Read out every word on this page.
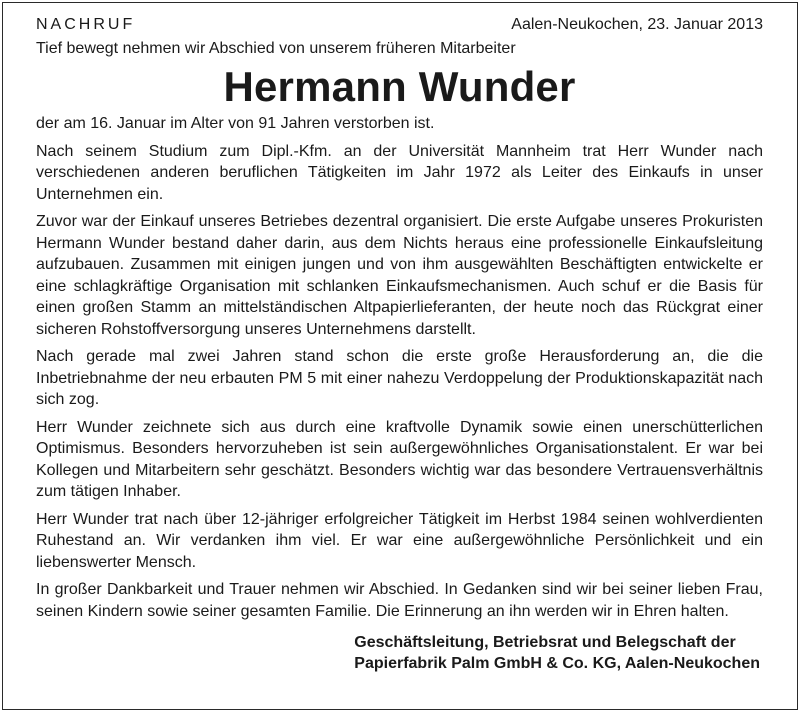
NACHRUF	Aalen-Neukochen, 23. Januar 2013
Tief bewegt nehmen wir Abschied von unserem früheren Mitarbeiter
Hermann Wunder

der am 16. Januar im Alter von 91 Jahren verstorben ist.

Nach seinem Studium zum Dipl.-Kfm. an der Universität Mannheim trat Herr Wunder nach verschiedenen anderen beruflichen Tätigkeiten im Jahr 1972 als Leiter des Einkaufs in unser Unternehmen ein.

Zuvor war der Einkauf unseres Betriebes dezentral organisiert. Die erste Aufgabe unseres Prokuristen Hermann Wunder bestand daher darin, aus dem Nichts heraus eine professionelle Einkaufsleitung aufzubauen. Zusammen mit einigen jungen und von ihm ausgewählten Beschäftigten entwickelte er eine schlagkräftige Organisation mit schlanken Einkaufsmechanismen. Auch schuf er die Basis für einen großen Stamm an mittelständischen Altpapierlieferanten, der heute noch das Rückgrat einer sicheren Rohstoffversorgung unseres Unternehmens darstellt.

Nach gerade mal zwei Jahren stand schon die erste große Herausforderung an, die die Inbetriebnahme der neu erbauten PM 5 mit einer nahezu Verdoppelung der Produktionskapazität nach sich zog.

Herr Wunder zeichnete sich aus durch eine kraftvolle Dynamik sowie einen unerschütterlichen Optimismus. Besonders hervorzuheben ist sein außergewöhnliches Organisationstalent. Er war bei Kollegen und Mitarbeitern sehr geschätzt. Besonders wichtig war das besondere Vertrauensverhältnis zum tätigen Inhaber.

Herr Wunder trat nach über 12-jähriger erfolgreicher Tätigkeit im Herbst 1984 seinen wohlverdienten Ruhestand an. Wir verdanken ihm viel. Er war eine außergewöhnliche Persönlichkeit und ein liebenswerter Mensch.

In großer Dankbarkeit und Trauer nehmen wir Abschied. In Gedanken sind wir bei seiner lieben Frau, seinen Kindern sowie seiner gesamten Familie. Die Erinnerung an ihn werden wir in Ehren halten.

Geschäftsleitung, Betriebsrat und Belegschaft der
Papierfabrik Palm GmbH & Co. KG, Aalen-Neukochen
